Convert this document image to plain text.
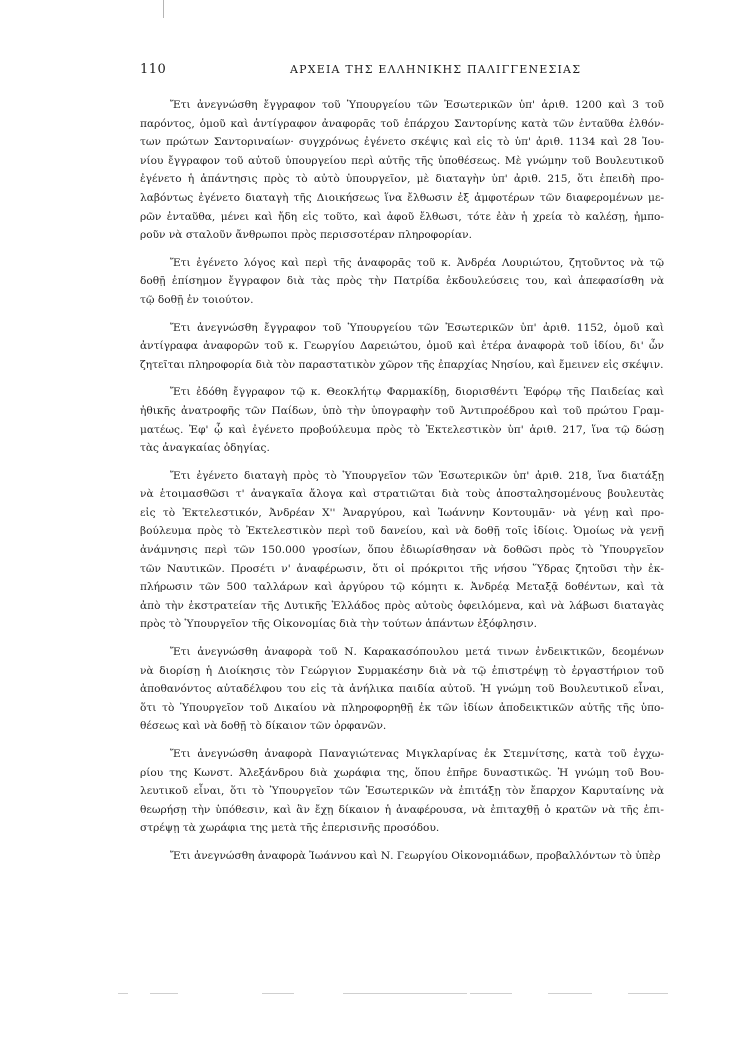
110	ΑΡΧΕΙΑ ΤΗΣ ΕΛΛΗΝΙΚΗΣ ΠΑΛΙΓΓΕΝΕΣΙΑΣ
Ἔτι ἀνεγνώσθη ἔγγραφον τοῦ Ὑπουργείου τῶν Ἐσωτερικῶν ὑπ' ἀριθ. 1200 καὶ 3 τοῦ
παρόντος, ὁμοῦ καὶ ἀντίγραφον ἀναφορᾶς τοῦ ἐπάρχου Σαντορίνης κατὰ τῶν ἐνταῦθα ἐλθόν-
των πρώτων Σαντοριναίων· συγχρόνως ἐγένετο σκέψις καὶ εἰς τὸ ὑπ' ἀριθ. 1134 καὶ 28 Ἰου-
νίου ἔγγραφον τοῦ αὐτοῦ ὑπουργείου περὶ αὐτῆς τῆς ὑποθέσεως. Μὲ γνώμην τοῦ Βουλευτικοῦ
ἐγένετο ἡ ἀπάντησις πρὸς τὸ αὐτὸ ὑπουργεῖον, μὲ διαταγὴν ὑπ' ἀριθ. 215, ὅτι ἐπειδὴ προ-
λαβόντως ἐγένετο διαταγὴ τῆς Διοικήσεως ἵνα ἔλθωσιν ἐξ ἀμφοτέρων τῶν διαφερομένων με-
ρῶν ἐνταῦθα, μένει καὶ ἤδη εἰς τοῦτο, καὶ ἀφοῦ ἔλθωσι, τότε ἐὰν ἡ χρεία τὸ καλέσῃ, ἠμπο-
ροῦν νὰ σταλοῦν ἄνθρωποι πρὸς περισσοτέραν πληροφορίαν.
Ἔτι ἐγένετο λόγος καὶ περὶ τῆς ἀναφορᾶς τοῦ κ. Ἀνδρέα Λουριώτου, ζητοῦντος νὰ τῷ
δοθῇ ἐπίσημον ἔγγραφον διὰ τὰς πρὸς τὴν Πατρίδα ἐκδουλεύσεις του, καὶ ἀπεφασίσθη νὰ
τῷ δοθῇ ἐν τοιούτον.
Ἔτι ἀνεγνώσθη ἔγγραφον τοῦ Ὑπουργείου τῶν Ἐσωτερικῶν ὑπ' ἀριθ. 1152, ὁμοῦ καὶ
ἀντίγραφα ἀναφορῶν τοῦ κ. Γεωργίου Δαρειώτου, ὁμοῦ καὶ ἑτέρα ἀναφορὰ τοῦ ἰδίου, δι' ὧν
ζητεῖται πληροφορία διὰ τὸν παραστατικὸν χῶρον τῆς ἐπαρχίας Νησίου, καὶ ἔμεινεν εἰς σκέψιν.
Ἔτι ἐδόθη ἔγγραφον τῷ κ. Θεοκλήτῳ Φαρμακίδῃ, διορισθέντι Ἐφόρῳ τῆς Παιδείας καὶ
ἠθικῆς ἀνατροφῆς τῶν Παίδων, ὑπὸ τὴν ὑπογραφὴν τοῦ Ἀντιπροέδρου καὶ τοῦ πρώτου Γραμ-
ματέως. Ἐφ' ᾧ καὶ ἐγένετο προβούλευμα πρὸς τὸ Ἐκτελεστικὸν ὑπ' ἀριθ. 217, ἵνα τῷ δώσῃ
τὰς ἀναγκαίας ὁδηγίας.
Ἔτι ἐγένετο διαταγὴ πρὸς τὸ Ὑπουργεῖον τῶν Ἐσωτερικῶν ὑπ' ἀριθ. 218, ἵνα διατάξῃ
νὰ ἑτοιμασθῶσι τ' ἀναγκαῖα ἄλογα καὶ στρατιῶται διὰ τοὺς ἀποσταλησομένους βουλευτὰς
εἰς τὸ Ἐκτελεστικόν, Ἀνδρέαν Χ'' Ἀναργύρου, καὶ Ἰωάννην Κοντουμᾶν· νὰ γένῃ καὶ προ-
βούλευμα πρὸς τὸ Ἐκτελεστικὸν περὶ τοῦ δανείου, καὶ νὰ δοθῇ τοῖς ἰδίοις. Ὁμοίως νὰ γενῇ
ἀνάμνησις περὶ τῶν 150.000 γροσίων, ὅπου ἐδιωρίσθησαν νὰ δοθῶσι πρὸς τὸ Ὑπουργεῖον
τῶν Ναυτικῶν. Προσέτι ν' ἀναφέρωσιν, ὅτι οἱ πρόκριτοι τῆς νήσου Ὕδρας ζητοῦσι τὴν ἐκ-
πλήρωσιν τῶν 500 ταλλάρων καὶ ἀργύρου τῷ κόμητι κ. Ἀνδρέᾳ Μεταξᾷ δοθέντων, καὶ τὰ
ἀπὸ τὴν ἐκστρατείαν τῆς Δυτικῆς Ἑλλάδος πρὸς αὐτοὺς ὀφειλόμενα, καὶ νὰ λάβωσι διαταγὰς
πρὸς τὸ Ὑπουργεῖον τῆς Οἰκονομίας διὰ τὴν τούτων ἁπάντων ἐξόφλησιν.
Ἔτι ἀνεγνώσθη ἀναφορὰ τοῦ Ν. Καρακασόπουλου μετά τινων ἐνδεικτικῶν, δεομένων
νὰ διορίσῃ ἡ Διοίκησις τὸν Γεώργιον Συρμακέσην διὰ νὰ τῷ ἐπιστρέψῃ τὸ ἐργαστήριον τοῦ
ἀποθανόντος αὐταδέλφου του εἰς τὰ ἀνήλικα παιδία αὐτοῦ. Ἡ γνώμη τοῦ Βουλευτικοῦ εἶναι,
ὅτι τὸ Ὑπουργεῖον τοῦ Δικαίου νὰ πληροφορηθῇ ἐκ τῶν ἰδίων ἀποδεικτικῶν αὐτῆς τῆς ὑπο-
θέσεως καὶ νὰ δοθῇ τὸ δίκαιον τῶν ὀρφανῶν.
Ἔτι ἀνεγνώσθη ἀναφορὰ Παναγιώτενας Μιγκλαρίνας ἐκ Στεμνίτσης, κατὰ τοῦ ἐγχω-
ρίου της Κωνστ. Ἀλεξάνδρου διὰ χωράφια της, ὅπου ἐπῆρε δυναστικῶς. Ἡ γνώμη τοῦ Βου-
λευτικοῦ εἶναι, ὅτι τὸ Ὑπουργεῖον τῶν Ἐσωτερικῶν νὰ ἐπιτάξῃ τὸν ἔπαρχον Καρυταίνης νὰ
θεωρήσῃ τὴν ὑπόθεσιν, καὶ ἂν ἔχῃ δίκαιον ἡ ἀναφέρουσα, νὰ ἐπιταχθῇ ὁ κρατῶν νὰ τῆς ἐπι-
στρέψῃ τὰ χωράφια της μετὰ τῆς ἐπερισινῆς προσόδου.
Ἔτι ἀνεγνώσθη ἀναφορὰ Ἰωάννου καὶ Ν. Γεωργίου Οἰκονομιάδων, προβαλλόντων τὸ ὑπὲρ
